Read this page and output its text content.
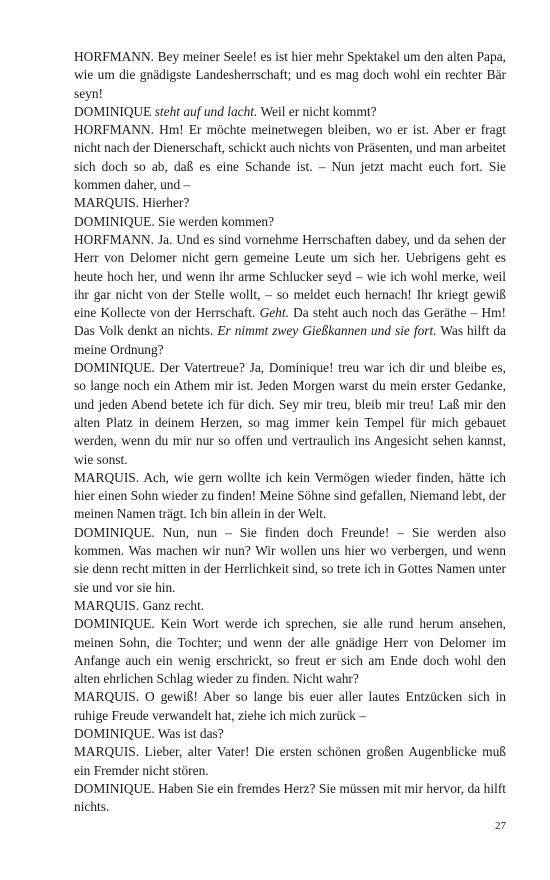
HORFMANN. Bey meiner Seele! es ist hier mehr Spektakel um den alten Papa, wie um die gnädigste Landesherrschaft; und es mag doch wohl ein rechter Bär seyn!

DOMINIQUE steht auf und lacht. Weil er nicht kommt?

HORFMANN. Hm! Er möchte meinetwegen bleiben, wo er ist. Aber er fragt nicht nach der Dienerschaft, schickt auch nichts von Präsenten, und man arbeitet sich doch so ab, daß es eine Schande ist. – Nun jetzt macht euch fort. Sie kommen daher, und –

MARQUIS. Hierher?

DOMINIQUE. Sie werden kommen?

HORFMANN. Ja. Und es sind vornehme Herrschaften dabey, und da sehen der Herr von Delomer nicht gern gemeine Leute um sich her. Uebrigens geht es heute hoch her, und wenn ihr arme Schlucker seyd – wie ich wohl merke, weil ihr gar nicht von der Stelle wollt, – so meldet euch hernach! Ihr kriegt gewiß eine Kollecte von der Herrschaft. Geht. Da steht auch noch das Geräthe – Hm! Das Volk denkt an nichts. Er nimmt zwey Gießkannen und sie fort. Was hilft da meine Ordnung?

DOMINIQUE. Der Vatertreue? Ja, Dominique! treu war ich dir und bleibe es, so lange noch ein Athem mir ist. Jeden Morgen warst du mein erster Gedanke, und jeden Abend betete ich für dich. Sey mir treu, bleib mir treu! Laß mir den alten Platz in deinem Herzen, so mag immer kein Tempel für mich gebauet werden, wenn du mir nur so offen und vertraulich ins Angesicht sehen kannst, wie sonst.

MARQUIS. Ach, wie gern wollte ich kein Vermögen wieder finden, hätte ich hier einen Sohn wieder zu finden! Meine Söhne sind gefallen, Niemand lebt, der meinen Namen trägt. Ich bin allein in der Welt.

DOMINIQUE. Nun, nun – Sie finden doch Freunde! – Sie werden also kommen. Was machen wir nun? Wir wollen uns hier wo verbergen, und wenn sie denn recht mitten in der Herrlichkeit sind, so trete ich in Gottes Namen unter sie und vor sie hin.

MARQUIS. Ganz recht.

DOMINIQUE. Kein Wort werde ich sprechen, sie alle rund herum ansehen, meinen Sohn, die Tochter; und wenn der alle gnädige Herr von Delomer im Anfange auch ein wenig erschrickt, so freut er sich am Ende doch wohl den alten ehrlichen Schlag wieder zu finden. Nicht wahr?

MARQUIS. O gewiß! Aber so lange bis euer aller lautes Entzücken sich in ruhige Freude verwandelt hat, ziehe ich mich zurück –

DOMINIQUE. Was ist das?

MARQUIS. Lieber, alter Vater! Die ersten schönen großen Augenblicke muß ein Fremder nicht stören.

DOMINIQUE. Haben Sie ein fremdes Herz? Sie müssen mit mir hervor, da hilft nichts.

27
